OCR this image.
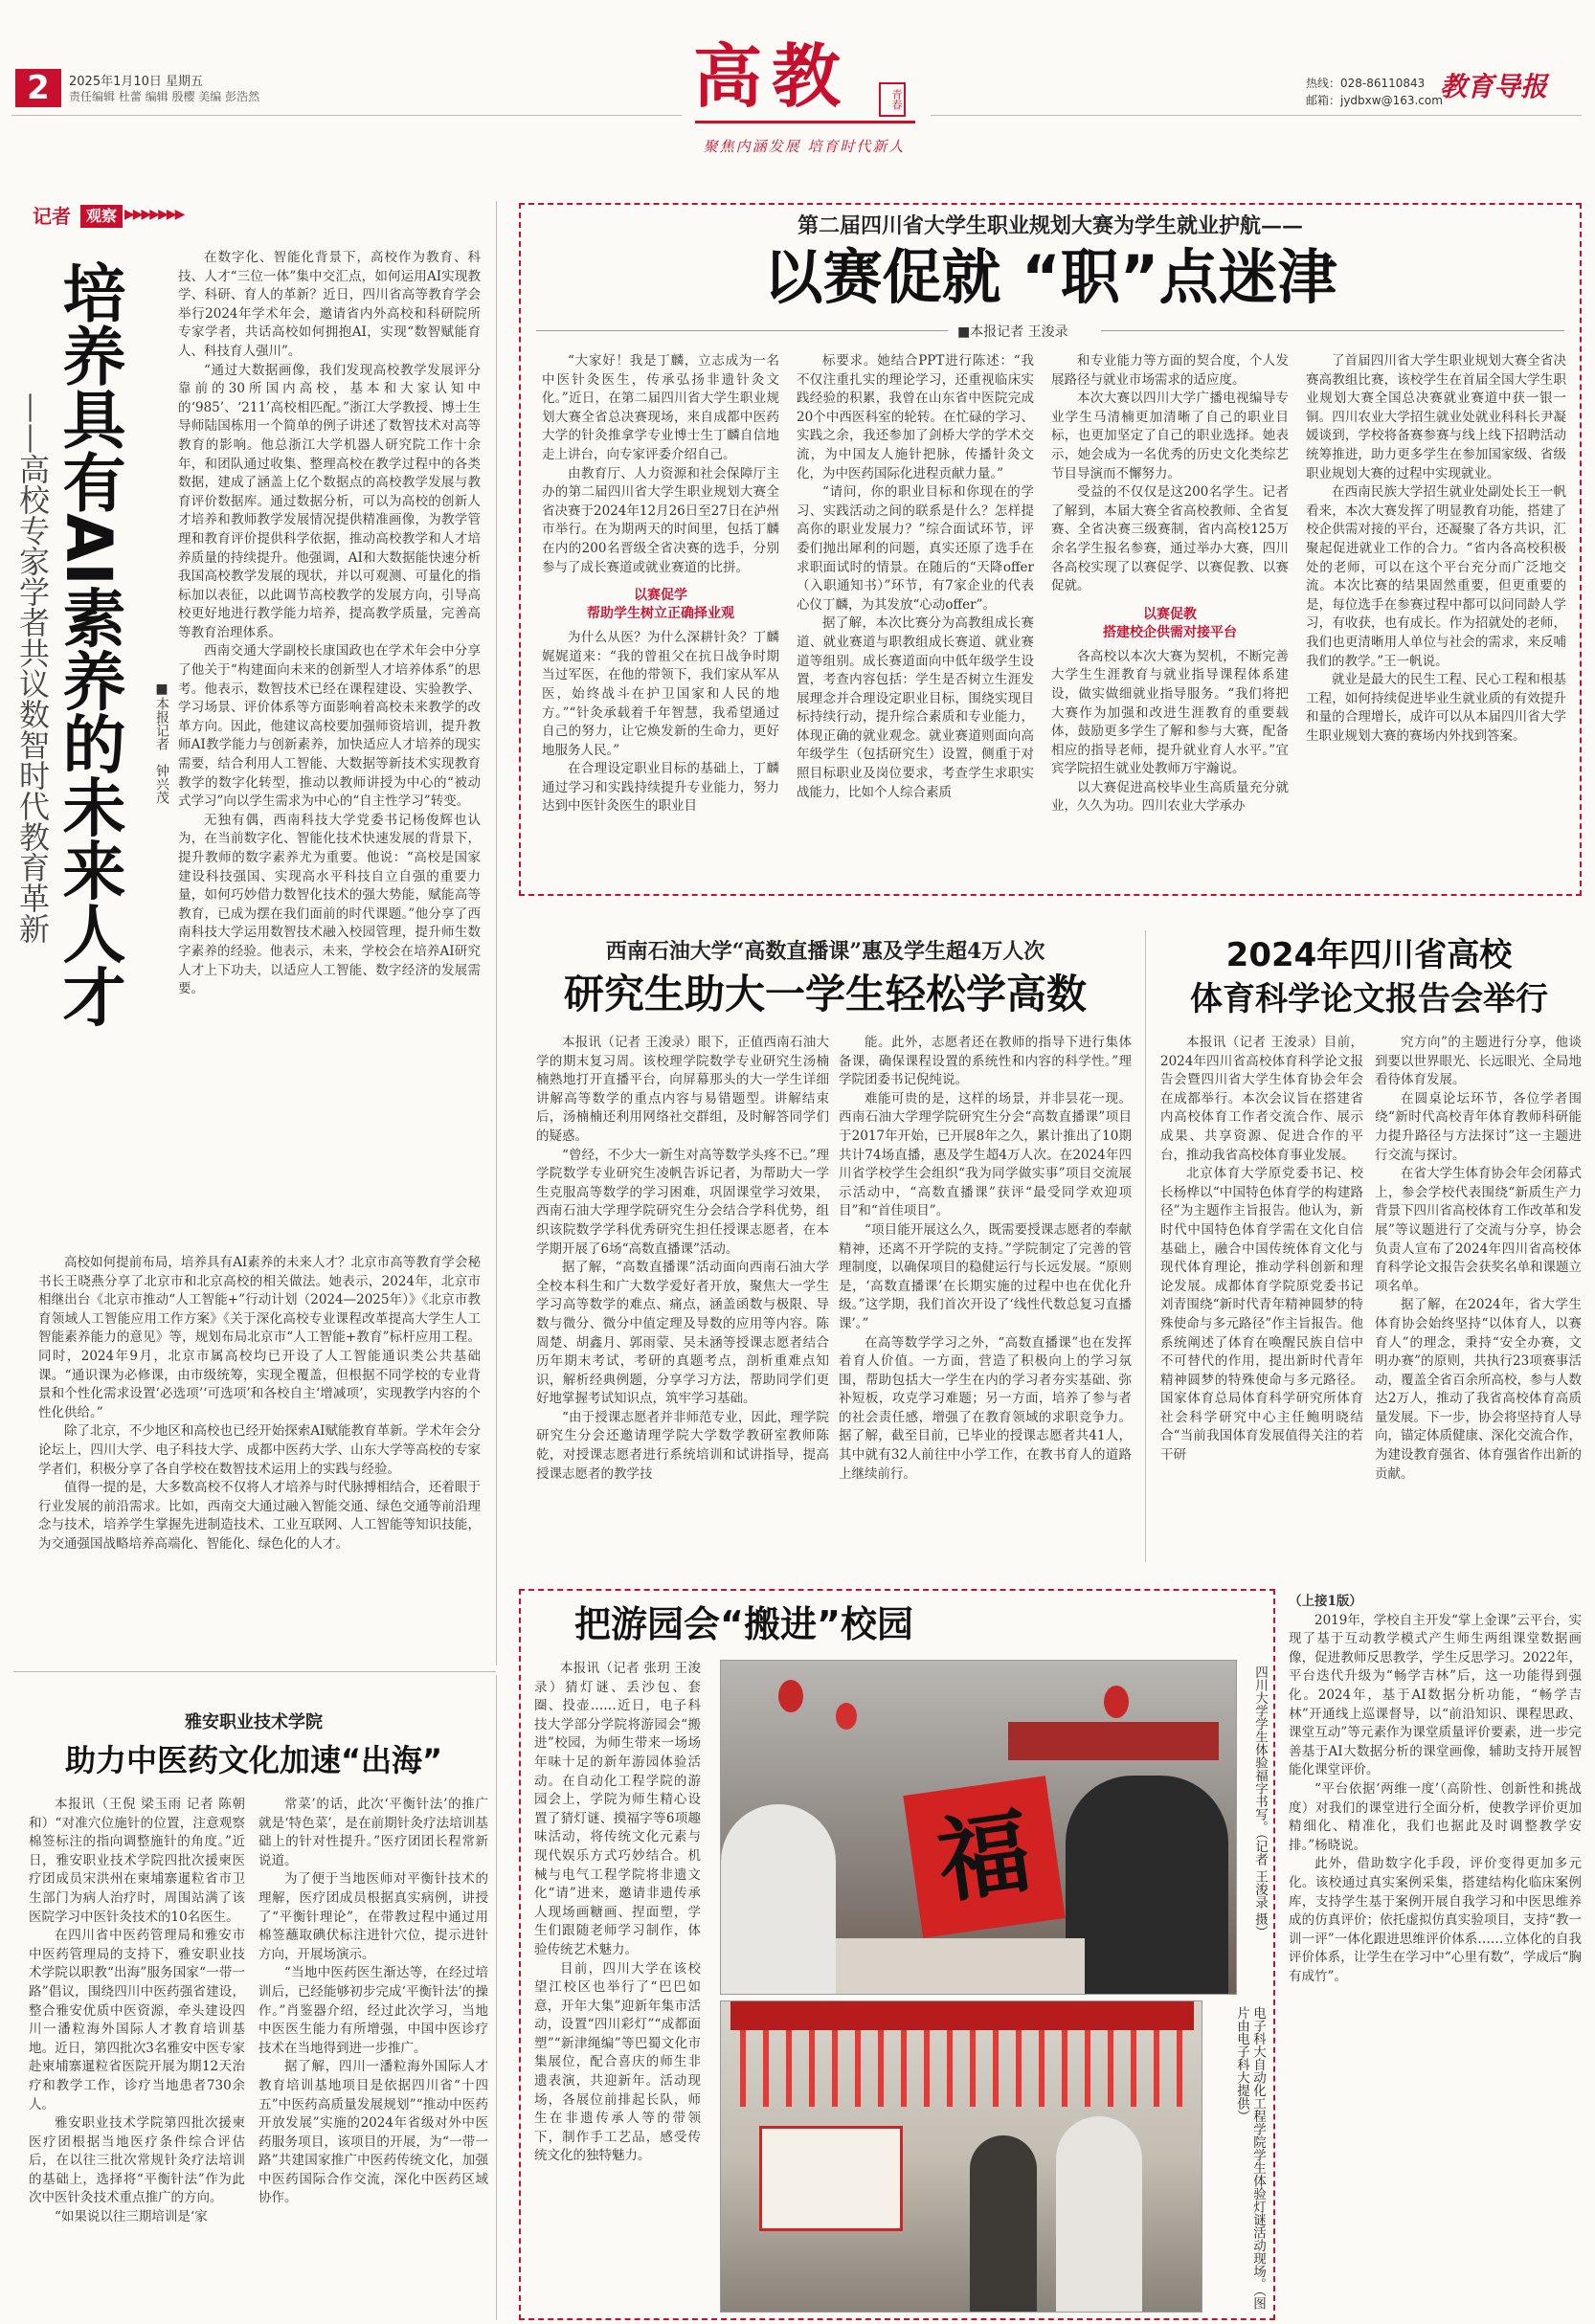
2	2025年1月10日 星期五
责任编辑 杜蕾 编辑 殷樱 美编 彭浩然	高教	青春
聚焦内涵发展 培育时代新人
热线：028-86110843
邮箱：jydbxw@163.com
教育导报
记者	观察 ▶▶▶▶▶▶▶
培养具有AI素养的未来人才
——高校专家学者共议数智时代教育革新	■本报记者 钟兴茂

在数字化、智能化背景下，高校作为教育、科技、人才“三位一体”集中交汇点，如何运用AI实现教学、科研、育人的革新？近日，四川省高等教育学会举行2024年学术年会，邀请省内外高校和科研院所专家学者，共话高校如何拥抱AI，实现“数智赋能育人、科技育人强川”。

“通过大数据画像，我们发现高校教学发展评分靠前的30所国内高校，基本和大家认知中的‘985’、‘211’高校相匹配。”浙江大学教授、博士生导师陆国栋用一个简单的例子讲述了数智技术对高等教育的影响。他总浙江大学机器人研究院工作十余年，和团队通过收集、整理高校在教学过程中的各类数据，建成了涵盖上亿个数据点的高校教学发展与教育评价数据库。通过数据分析，可以为高校的创新人才培养和教师教学发展情况提供精准画像，为教学管理和教育评价提供科学依据，推动高校教学和人才培养质量的持续提升。他强调，AI和大数据能快速分析我国高校教学发展的现状，并以可观测、可量化的指标加以表征，以此调节高校教学的发展方向，引导高校更好地进行教学能力培养，提高教学质量，完善高等教育治理体系。

西南交通大学副校长康国政也在学术年会中分享了他关于“构建面向未来的创新型人才培养体系”的思考。他表示，数智技术已经在课程建设、实验教学、学习场景、评价体系等方面影响着高校未来教学的改革方向。因此，他建议高校要加强师资培训，提升教师AI教学能力与创新素养，加快适应人才培养的现实需要，结合利用人工智能、大数据等新技术实现教育教学的数字化转型，推动以教师讲授为中心的“被动式学习”向以学生需求为中心的“自主性学习”转变。

无独有偶，西南科技大学党委书记杨俊辉也认为，在当前数字化、智能化技术快速发展的背景下，提升教师的数字素养尤为重要。他说：“高校是国家建设科技强国、实现高水平科技自立自强的重要力量，如何巧妙借力数智化技术的强大势能，赋能高等教育，已成为摆在我们面前的时代课题。”他分享了西南科技大学运用数智技术融入校园管理，提升师生数字素养的经验。他表示，未来，学校会在培养AI研究人才上下功夫，以适应人工智能、数字经济的发展需要。

高校如何提前布局，培养具有AI素养的未来人才？北京市高等教育学会秘书长王晓燕分享了北京市和北京高校的相关做法。她表示，2024年，北京市相继出台《北京市推动“人工智能+”行动计划（2024—2025年）》《北京市教育领域人工智能应用工作方案》《关于深化高校专业课程改革提高大学生人工智能素养能力的意见》等，规划布局北京市“人工智能+教育”标杆应用工程。同时，2024年9月，北京市属高校均已开设了人工智能通识类公共基础课。“通识课为必修课，由市级统筹，实现全覆盖，但根据不同学校的专业背景和个性化需求设置‘必选项’‘可选项’和各校自主‘增减项’，实现教学内容的个性化供给。”

除了北京，不少地区和高校也已经开始探索AI赋能教育革新。学术年会分论坛上，四川大学、电子科技大学、成都中医药大学、山东大学等高校的专家学者们，积极分享了各自学校在数智技术运用上的实践与经验。

值得一提的是，大多数高校不仅将人才培养与时代脉搏相结合，还着眼于行业发展的前沿需求。比如，西南交大通过融入智能交通、绿色交通等前沿理念与技术，培养学生掌握先进制造技术、工业互联网、人工智能等知识技能，为交通强国战略培养高端化、智能化、绿色化的人才。

第二届四川省大学生职业规划大赛为学生就业护航——
以赛促就 “职”点迷津
■本报记者 王浚录

“大家好！我是丁麟，立志成为一名中医针灸医生，传承弘扬非遗针灸文化。”近日，在第二届四川省大学生职业规划大赛全省总决赛现场，来自成都中医药大学的针灸推拿学专业博士生丁麟自信地走上讲台，向专家评委介绍自己。

由教育厅、人力资源和社会保障厅主办的第二届四川省大学生职业规划大赛全省决赛于2024年12月26日至27日在泸州市举行。在为期两天的时间里，包括丁麟在内的200名晋级全省决赛的选手，分别参与了成长赛道或就业赛道的比拼。

以赛促学
帮助学生树立正确择业观

为什么从医？为什么深耕针灸？丁麟娓娓道来：“我的曾祖父在抗日战争时期当过军医，在他的带领下，我们家从军从医，始终战斗在护卫国家和人民的地方。”“针灸承载着千年智慧，我希望通过自己的努力，让它焕发新的生命力，更好地服务人民。”

在合理设定职业目标的基础上，丁麟通过学习和实践持续提升专业能力，努力达到中医针灸医生的职业目

标要求。她结合PPT进行陈述：“我不仅注重扎实的理论学习，还重视临床实践经验的积累，我曾在山东省中医院完成20个中西医科室的轮转。在忙碌的学习、实践之余，我还参加了剑桥大学的学术交流，为中国友人施针把脉，传播针灸文化，为中医药国际化进程贡献力量。”

“请问，你的职业目标和你现在的学习、实践活动之间的联系是什么？怎样提高你的职业发展力？”综合面试环节，评委们抛出犀利的问题，真实还原了选手在求职面试时的情景。在随后的“天降offer（入职通知书）”环节，有7家企业的代表心仪丁麟，为其发放“心动offer”。

据了解，本次比赛分为高教组成长赛道、就业赛道与职教组成长赛道、就业赛道等组别。成长赛道面向中低年级学生设置，考查内容包括：学生是否树立生涯发展理念并合理设定职业目标，围绕实现目标持续行动，提升综合素质和专业能力，体现正确的就业观念。就业赛道则面向高年级学生（包括研究生）设置，侧重于对照目标职业及岗位要求，考查学生求职实战能力，比如个人综合素质

和专业能力等方面的契合度，个人发展路径与就业市场需求的适应度。

本次大赛以四川大学广播电视编导专业学生马清楠更加清晰了自己的职业目标，也更加坚定了自己的职业选择。她表示，她会成为一名优秀的历史文化类综艺节目导演而不懈努力。

受益的不仅仅是这200名学生。记者了解到，本届大赛全省高校教师、全省复赛、全省决赛三级赛制，省内高校125万余名学生报名参赛，通过举办大赛，四川各高校实现了以赛促学、以赛促教、以赛促就。

以赛促教
搭建校企供需对接平台

各高校以本次大赛为契机，不断完善大学生生涯教育与就业指导课程体系建设，做实做细就业指导服务。“我们将把大赛作为加强和改进生涯教育的重要载体，鼓励更多学生了解和参与大赛，配备相应的指导老师，提升就业育人水平。”宜宾学院招生就业处教师万宇瀚说。

以大赛促进高校毕业生高质量充分就业，久久为功。四川农业大学承办

了首届四川省大学生职业规划大赛全省决赛高教组比赛，该校学生在首届全国大学生职业规划大赛全国总决赛就业赛道中获一银一铜。四川农业大学招生就业处就业科科长尹凝媛谈到，学校将备赛参赛与线上线下招聘活动统筹推进，助力更多学生在参加国家级、省级职业规划大赛的过程中实现就业。

在西南民族大学招生就业处副处长王一帆看来，本次大赛发挥了明显教育功能，搭建了校企供需对接的平台，还凝聚了各方共识，汇聚起促进就业工作的合力。“省内各高校积极处的老师，可以在这个平台充分而广泛地交流。本次比赛的结果固然重要，但更重要的是，每位选手在参赛过程中都可以问同龄人学习，有收获，也有成长。作为招就处的老师，我们也更清晰用人单位与社会的需求，来反哺我们的教学。”王一帆说。

就业是最大的民生工程、民心工程和根基工程，如何持续促进毕业生就业质的有效提升和量的合理增长，成许可以从本届四川省大学生职业规划大赛的赛场内外找到答案。

西南石油大学“高数直播课”惠及学生超4万人次
研究生助大一学生轻松学高数

本报讯（记者 王浚录）眼下，正值西南石油大学的期末复习周。该校理学院数学专业研究生汤楠楠熟地打开直播平台，向屏幕那头的大一学生详细讲解高等数学的重点内容与易错题型。讲解结束后，汤楠楠还利用网络社交群组，及时解答同学们的疑惑。

“曾经，不少大一新生对高等数学头疼不已。”理学院数学专业研究生凌帆告诉记者，为帮助大一学生克服高等数学的学习困难，巩固课堂学习效果，西南石油大学理学院研究生分会结合学科优势，组织该院数学学科优秀研究生担任授课志愿者，在本学期开展了6场“高数直播课”活动。

据了解，“高数直播课”活动面向西南石油大学全校本科生和广大数学爱好者开放，聚焦大一学生学习高等数学的难点、痛点，涵盖函数与极限、导数与微分、微分中值定理及导数的应用等内容。陈周楚、胡鑫月、郭雨蒙、吴未涵等授课志愿者结合历年期末考试，考研的真题考点，剖析重难点知识，解析经典例题，分享学习方法，帮助同学们更好地掌握考试知识点，筑牢学习基础。

“由于授课志愿者并非师范专业，因此，理学院研究生分会还邀请理学院大学数学教研室教师陈乾，对授课志愿者进行系统培训和试讲指导，提高授课志愿者的教学技

能。此外，志愿者还在教师的指导下进行集体备课，确保课程设置的系统性和内容的科学性。”理学院团委书记倪纯说。

难能可贵的是，这样的场景，并非昙花一现。西南石油大学理学院研究生分会“高数直播课”项目于2017年开始，已开展8年之久，累计推出了10期共计74场直播，惠及学生超4万人次。在2024年四川省学校学生会组织“我为同学做实事”项目交流展示活动中，“高数直播课”获评“最受同学欢迎项目”和“首佳项目”。

“项目能开展这么久，既需要授课志愿者的奉献精神，还离不开学院的支持。”学院制定了完善的管理制度，以确保项目的稳健运行与长远发展。“原则是，‘高数直播课’在长期实施的过程中也在优化升级。”这学期，我们首次开设了‘线性代数总复习直播课’。”

在高等数学学习之外，“高数直播课”也在发挥着育人价值。一方面，营造了积极向上的学习氛围，帮助包括大一学生在内的学习者夯实基础、弥补短板，攻克学习难题；另一方面，培养了参与者的社会责任感，增强了在教育领域的求职竞争力。据了解，截至目前，已毕业的授课志愿者共41人，其中就有32人前往中小学工作，在教书育人的道路上继续前行。

2024年四川省高校
体育科学论文报告会举行

本报讯（记者 王浚录）目前，2024年四川省高校体育科学论文报告会暨四川省大学生体育协会年会在成都举行。本次会议旨在搭建省内高校体育工作者交流合作、展示成果、共享资源、促进合作的平台，推动我省高校体育事业发展。

北京体育大学原党委书记、校长杨桦以“中国特色体育学的构建路径”为主题作主旨报告。他认为，新时代中国特色体育学需在文化自信基础上，融合中国传统体育文化与现代体育理论，推动学科创新和理论发展。成都体育学院原党委书记刘青围绕“新时代青年精神圆梦的特殊使命与多元路径”作主旨报告。他系统阐述了体育在唤醒民族自信中不可替代的作用，提出新时代青年精神圆梦的特殊使命与多元路径。国家体育总局体育科学研究所体育社会科学研究中心主任鲍明晓结合“当前我国体育发展值得关注的若干研

究方向”的主题进行分享，他谈到要以世界眼光、长远眼光、全局地看待体育发展。

在圆桌论坛环节，各位学者围绕“新时代高校青年体育教师科研能力提升路径与方法探讨”这一主题进行交流与探讨。

在省大学生体育协会年会闭幕式上，参会学校代表围绕“新质生产力背景下四川省高校体育工作改革和发展”等议题进行了交流与分享，协会负责人宣布了2024年四川省高校体育科学论文报告会获奖名单和课题立项名单。

据了解，在2024年，省大学生体育协会始终坚持“以体育人，以赛育人”的理念，秉持“安全办赛，文明办赛”的原则，共执行23项赛事活动，覆盖全省百余所高校，参与人数达2万人，推动了我省高校体育高质量发展。下一步，协会将坚持育人导向，锚定体质健康、深化交流合作，为建设教育强省、体育强省作出新的贡献。

雅安职业技术学院
助力中医药文化加速“出海”

本报讯（王倪 梁玉雨 记者 陈朝和）“对准穴位施针的位置，注意观察棉签标注的指向调整施针的角度。”近日，雅安职业技术学院四批次援柬医疗团成员宋洪州在柬埔寨暹粒省市卫生部门为病人治疗时，周围站满了该医院学习中医针灸技术的10名医生。

在四川省中医药管理局和雅安市中医药管理局的支持下，雅安职业技术学院以职教“出海”服务国家“一带一路”倡议，围绕四川中医药强省建设，整合雅安优质中医资源，牵头建设四川一潘粒海外国际人才教育培训基地。近日，第四批次3名雅安中医专家赴柬埔寨暹粒省医院开展为期12天治疗和教学工作，诊疗当地患者730余人。

雅安职业技术学院第四批次援柬医疗团根据当地医疗条件综合评估后，在以往三批次常规针灸疗法培训的基础上，选择将“平衡针法”作为此次中医针灸技术重点推广的方向。

“如果说以往三期培训是‘家

常菜’的话，此次‘平衡针法’的推广就是‘特色菜’，是在前期针灸疗法培训基础上的针对性提升。”医疗团团长程常新说道。

为了便于当地医师对平衡针技术的理解，医疗团成员根据真实病例，讲授了“平衡针理论”，在带教过程中通过用棉签蘸取碘伏标注进针穴位，提示进针方向，开展场演示。

“当地中医药医生渐达等，在经过培训后，已经能够初步完成‘平衡针法’的操作。”肖鉴器介绍，经过此次学习，当地中医医生能力有所增强，中国中医诊疗技术在当地得到进一步推广。

据了解，四川一潘粒海外国际人才教育培训基地项目是依据四川省“十四五”中医药高质量发展规划”“推动中医药开放发展”实施的2024年省级对外中医药服务项目，该项目的开展，为“一带一路”共建国家推广中医药传统文化，加强中医药国际合作交流，深化中医药区域协作。

把游园会“搬进”校园

本报讯（记者 张玥 王浚录）猜灯谜、丢沙包、套圈、投壶……近日，电子科技大学部分学院将游园会“搬进”校园，为师生带来一场场年味十足的新年游园体验活动。在自动化工程学院的游园会上，学院为师生精心设置了猜灯谜、摸福字等6项趣味活动，将传统文化元素与现代娱乐方式巧妙结合。机械与电气工程学院将非遗文化“请”进来，邀请非遗传承人现场画糖画、捏面塑，学生们跟随老师学习制作，体验传统艺术魅力。

目前，四川大学在该校望江校区也举行了“巴巴如意，开年大集”迎新年集市活动，设置“四川彩灯”“成都面塑”“新津绳编”等巴蜀文化市集展位，配合喜庆的师生非遗表演，共迎新年。活动现场，各展位前排起长队，师生在非遗传承人等的带领下，制作手工艺品，感受传统文化的独特魅力。

福	四川大学学生体验福字书写。（记者 王浚录 摄）
电子科大自动化工程学院学生体验灯谜活动现场。（图片由电子科大提供）

（上接1版）

2019年，学校自主开发“掌上金课”云平台，实现了基于互动教学模式产生师生两组课堂数据画像，促进教师反思教学，学生反思学习。2022年，平台迭代升级为“畅学吉林”后，这一功能得到强化。2024年，基于AI数据分析功能，“畅学吉林”开通线上巡课督导，以“前沿知识、课程思政、课堂互动”等元素作为课堂质量评价要素，进一步完善基于AI大数据分析的课堂画像，辅助支持开展智能化课堂评价。

“平台依据‘两维一度’（高阶性、创新性和挑战度）对我们的课堂进行全面分析，使教学评价更加精细化、精准化，我们也据此及时调整教学安排。”杨晓说。

此外，借助数字化手段，评价变得更加多元化。该校通过真实案例采集，搭建结构化临床案例库，支持学生基于案例开展自我学习和中医思维养成的仿真评价；依托虚拟仿真实验项目，支持“教一训一评”一体化跟进思维评价体系……立体化的自我评价体系，让学生在学习中“心里有数”，学成后“胸有成竹”。
